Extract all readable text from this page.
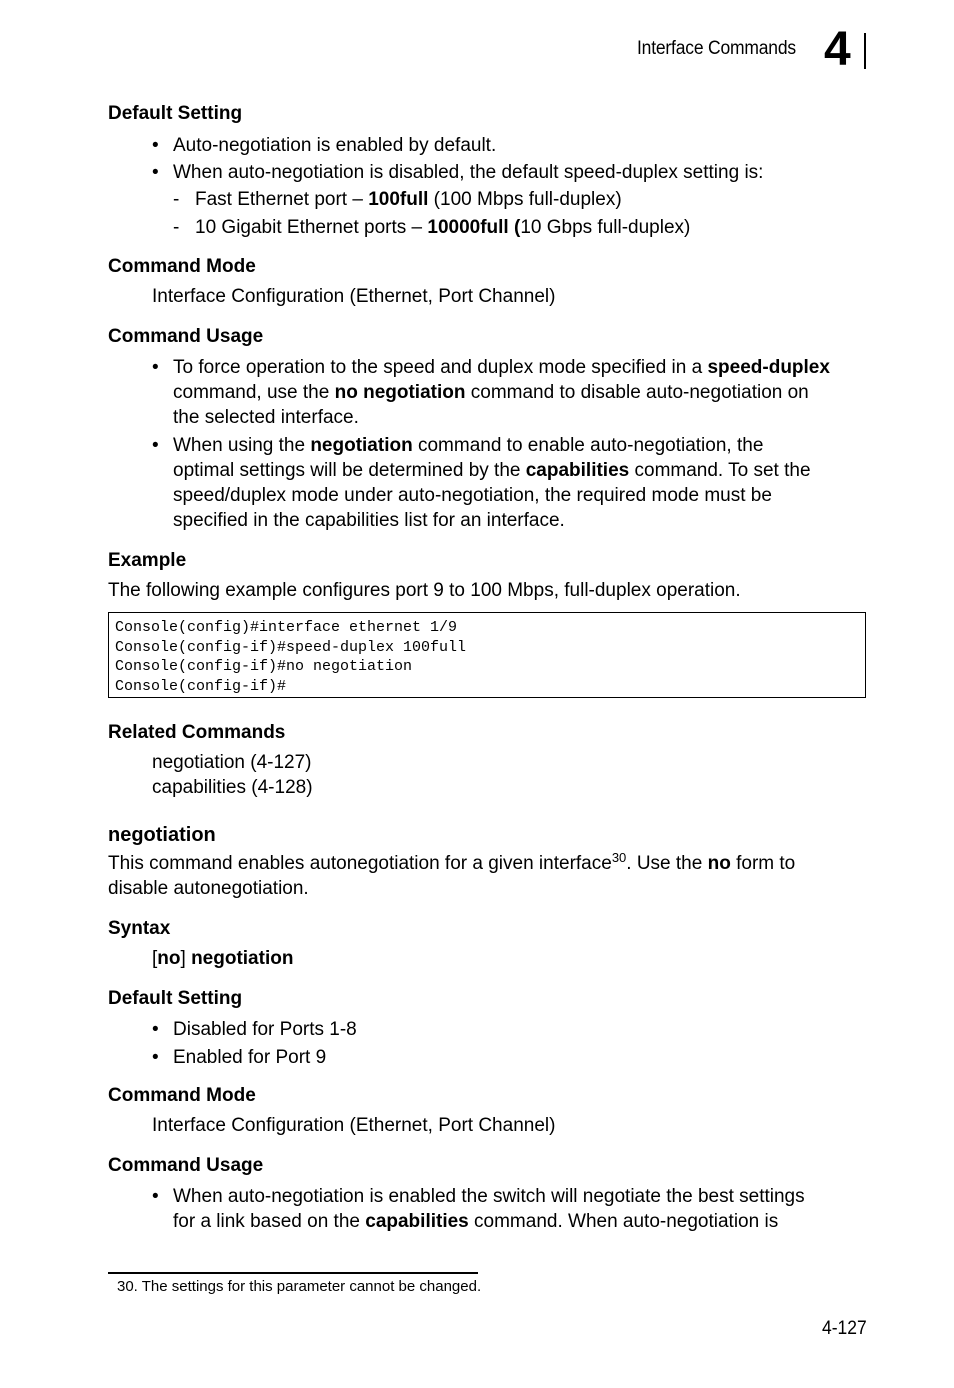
Interface Commands 4
Default Setting
• Auto-negotiation is enabled by default.
• When auto-negotiation is disabled, the default speed-duplex setting is:
- Fast Ethernet port – 100full (100 Mbps full-duplex)
- 10 Gigabit Ethernet ports – 10000full (10 Gbps full-duplex)
Command Mode
Interface Configuration (Ethernet, Port Channel)
Command Usage
• To force operation to the speed and duplex mode specified in a speed-duplex
command, use the no negotiation command to disable auto-negotiation on
the selected interface.
• When using the negotiation command to enable auto-negotiation, the
optimal settings will be determined by the capabilities command. To set the
speed/duplex mode under auto-negotiation, the required mode must be
specified in the capabilities list for an interface.
Example
The following example configures port 9 to 100 Mbps, full-duplex operation.
Console(config)#interface ethernet 1/9
Console(config-if)#speed-duplex 100full
Console(config-if)#no negotiation
Console(config-if)#
Related Commands
negotiation (4-127)
capabilities (4-128)
negotiation
This command enables autonegotiation for a given interface$^{30}$. Use the no form to
disable autonegotiation.
Syntax
[no] negotiation
Default Setting
• Disabled for Ports 1-8
• Enabled for Port 9
Command Mode
Interface Configuration (Ethernet, Port Channel)
Command Usage
• When auto-negotiation is enabled the switch will negotiate the best settings
for a link based on the capabilities command. When auto-negotiation is
30. The settings for this parameter cannot be changed.
4-127
